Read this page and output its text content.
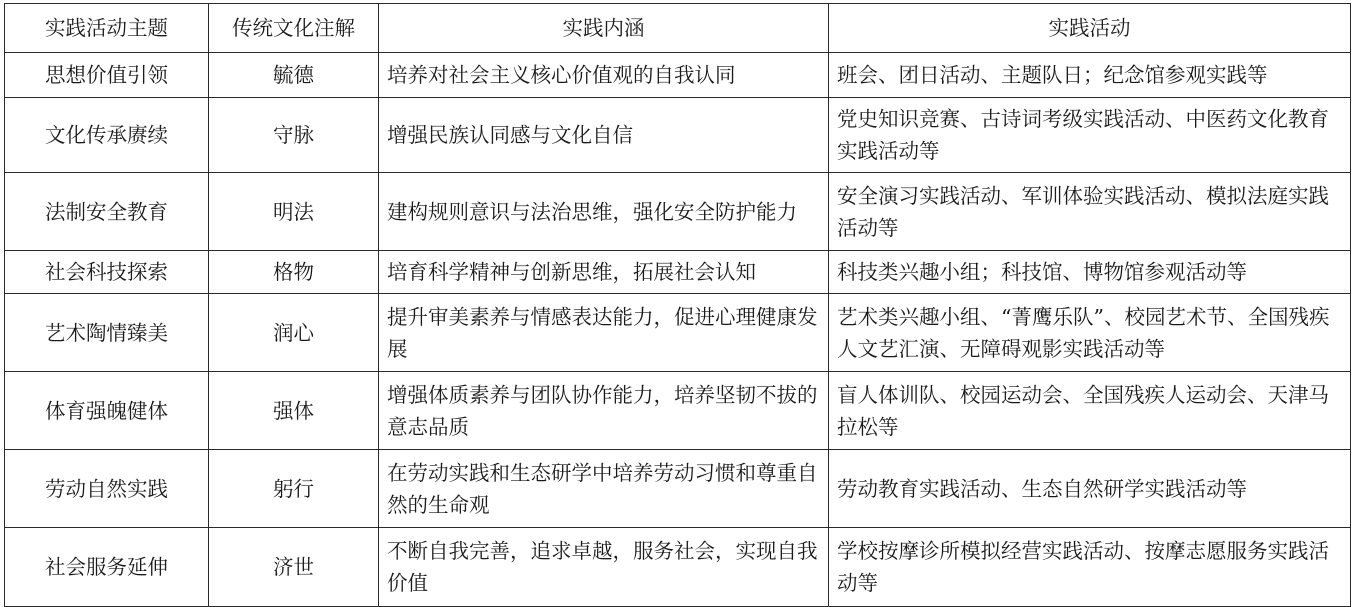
实践活动主题	传统文化注解	实践内涵	实践活动
思想价值引领	毓德	培养对社会主义核心价值观的自我认同	班会、团日活动、主题队日；纪念馆参观实践等
文化传承赓续	守脉	增强民族认同感与文化自信	党史知识竞赛、古诗词考级实践活动、中医药文化教育实践活动等
法制安全教育	明法	建构规则意识与法治思维，强化安全防护能力	安全演习实践活动、军训体验实践活动、模拟法庭实践活动等
社会科技探索	格物	培育科学精神与创新思维，拓展社会认知	科技类兴趣小组；科技馆、博物馆参观活动等
艺术陶情臻美	润心	提升审美素养与情感表达能力，促进心理健康发展	艺术类兴趣小组、“菁鹰乐队”、校园艺术节、全国残疾人文艺汇演、无障碍观影实践活动等
体育强魄健体	强体	增强体质素养与团队协作能力，培养坚韧不拔的意志品质	盲人体训队、校园运动会、全国残疾人运动会、天津马拉松等
劳动自然实践	躬行	在劳动实践和生态研学中培养劳动习惯和尊重自然的生命观	劳动教育实践活动、生态自然研学实践活动等
社会服务延伸	济世	不断自我完善，追求卓越，服务社会，实现自我价值	学校按摩诊所模拟经营实践活动、按摩志愿服务实践活动等
